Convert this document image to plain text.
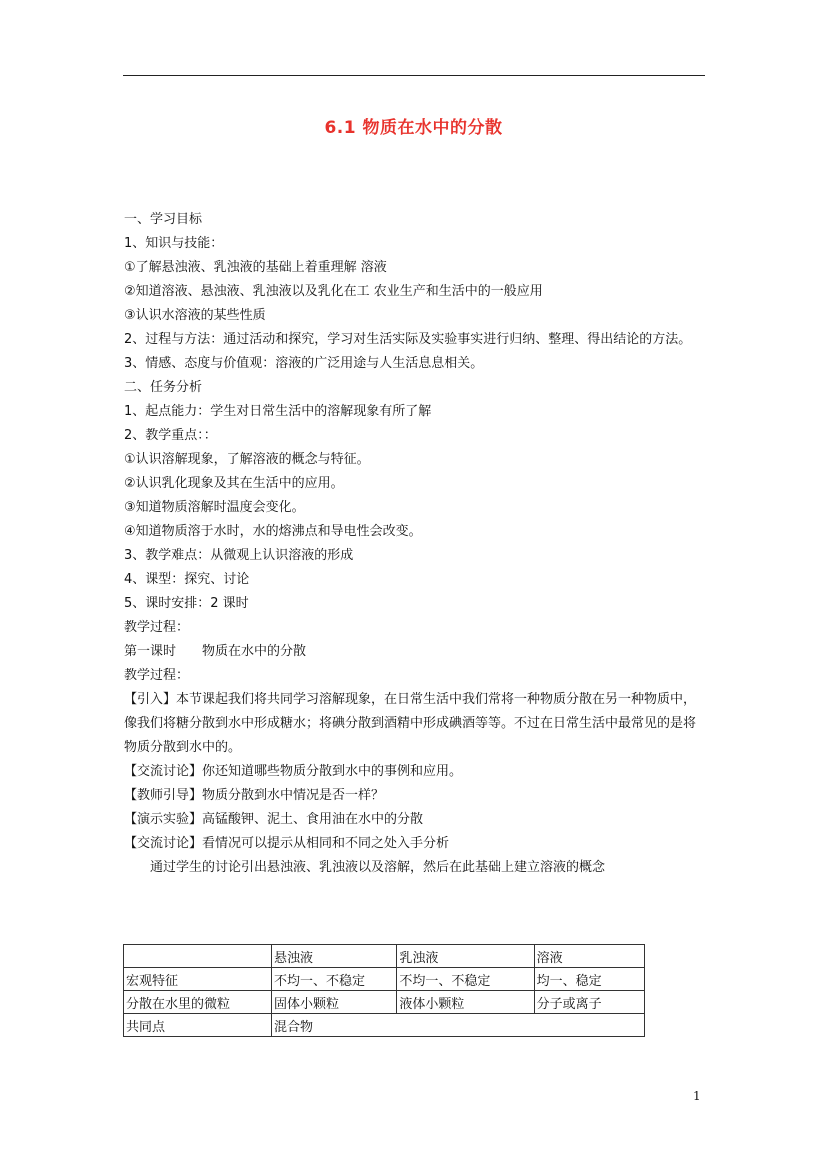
6.1 物质在水中的分散

一、学习目标

1、知识与技能：

①了解悬浊液、乳浊液的基础上着重理解 溶液

②知道溶液、悬浊液、乳浊液以及乳化在工 农业生产和生活中的一般应用

③认识水溶液的某些性质

2、过程与方法：通过活动和探究，学习对生活实际及实验事实进行归纳、整理、得出结论的方法。

3、情感、态度与价值观：溶液的广泛用途与人生活息息相关。

二、任务分析

1、起点能力：学生对日常生活中的溶解现象有所了解

2、教学重点：：

①认识溶解现象，了解溶液的概念与特征。

②认识乳化现象及其在生活中的应用。

③知道物质溶解时温度会变化。

④知道物质溶于水时，水的熔沸点和导电性会改变。

3、教学难点：从微观上认识溶液的形成

4、课型：探究、讨论

5、课时安排：2 课时

教学过程：

第一课时　　物质在水中的分散

教学过程：

【引入】本节课起我们将共同学习溶解现象，在日常生活中我们常将一种物质分散在另一种物质中，像我们将糖分散到水中形成糖水；将碘分散到酒精中形成碘酒等等。不过在日常生活中最常见的是将物质分散到水中的。

【交流讨论】你还知道哪些物质分散到水中的事例和应用。

【教师引导】物质分散到水中情况是否一样？

【演示实验】高锰酸钾、泥土、食用油在水中的分散

【交流讨论】看情况可以提示从相同和不同之处入手分析

通过学生的讨论引出悬浊液、乳浊液以及溶解，然后在此基础上建立溶液的概念

	悬浊液	乳浊液	溶液
宏观特征	不均一、不稳定	不均一、不稳定	均一、稳定
分散在水里的微粒	固体小颗粒	液体小颗粒	分子或离子
共同点	混合物		
1
